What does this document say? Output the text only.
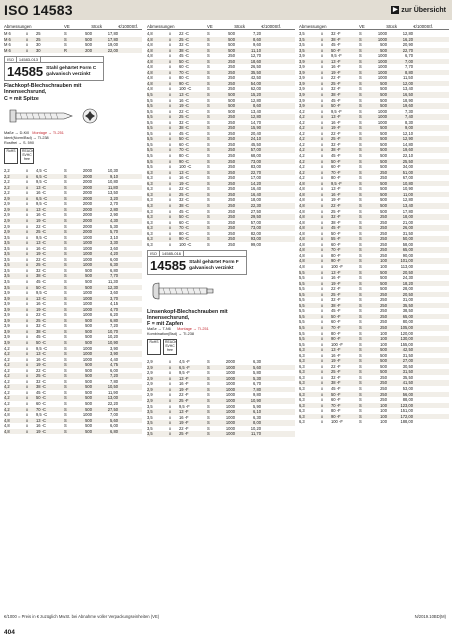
ISO 14583	▶ zur Übersicht
Abmessungen	VE	Stück	€/1000Stf.
M 6	x	25	S	500	17,80
M 6	x	25	S	500	17,80
M 6	x	30	S	500	19,00
M 6	x	30	R	200	22,00
ISO	14583-013
14585 Stahl gehärtet Form C
galvanisch verzinkt
Flachkopf-Blechschrauben mit
Innensechsrund,
C = mit Spitze
Maße → D-Ki0 Montage → TI-251
Ident(Norm/Bsd) → TI-238
Rostfrei → S. 590
RoHS	REACh SVHC free
2,2	x	4,5 -C	S	2000	10,30
2,2	x	6,5 -C	S	2000	9,10
2,2	x	9,5 -C	S	2000	10,80
2,2	x	13 -C	S	2000	11,80
2,2	x	16 -C	S	2000	13,50
2,9	x	6,5 -C	S	2000	3,20
2,9	x	9,5 -C	S	2000	2,70
2,9	x	13 -C	S	2000	2,80
2,9	x	16 -C	S	2000	2,90
2,9	x	19 -C	S	2000	4,30
2,9	x	22 -C	S	2000	5,30
2,9	x	25 -C	S	2000	5,70
3,5	x	9,5 -C	S	1000	3,10
3,5	x	13 -C	S	1000	3,30
3,5	x	16 -C	S	1000	3,60
3,5	x	19 -C	S	1000	4,20
3,5	x	22 -C	S	1000	6,00
3,5	x	25 -C	S	1000	6,30
3,5	x	32 -C	S	500	6,80
3,5	x	38 -C	S	500	7,70
3,5	x	45 -C	S	500	11,30
3,5	x	50 -C	S	500	12,30
3,9	x	9,5 -C	S	1000	3,60
3,9	x	13 -C	S	1000	3,70
3,9	x	16 -C	S	1000	4,15
3,9	x	19 -C	S	1000	4,70
3,9	x	22 -C	S	1000	6,20
3,9	x	25 -C	S	500	6,80
3,9	x	32 -C	S	500	7,20
3,9	x	38 -C	S	500	10,70
3,9	x	45 -C	S	500	10,20
3,9	x	50 -C	S	500	10,90
4,2	x	9,5 -C	S	1000	3,90
4,2	x	13 -C	S	1000	3,90
4,2	x	16 -C	S	1000	4,40
4,2	x	19 -C	S	500	4,75
4,2	x	22 -C	S	500	6,00
4,2	x	25 -C	S	500	7,20
4,2	x	32 -C	S	500	7,80
4,2	x	38 -C	S	500	10,50
4,2	x	45 -C	S	500	11,90
4,2	x	50 -C	S	500	13,00
4,2	x	60 -C	S	500	22,20
4,2	x	70 -C	S	500	27,50
4,8	x	9,5 -C	S	1000	7,00
4,8	x	13 -C	S	500	5,60
4,8	x	16 -C	S	500	6,00
4,8	x	19 -C	S	500	6,80
Abmessungen	VE	Stück	€/1000Stf.
4,8	x	22 -C	S	500	7,20
4,8	x	25 -C	S	500	8,60
4,8	x	32 -C	S	500	9,60
4,8	x	38 -C	S	500	11,10
4,8	x	45 -C	S	250	12,70
4,8	x	50 -C	S	250	18,60
4,8	x	60 -C	S	250	26,50
4,8	x	70 -C	S	250	35,50
4,8	x	80 -C	S	250	42,50
4,8	x	90 -C	S	250	54,00
4,8	x	100 -C	S	250	62,00
5,5	x	13 -C	S	500	15,20
5,5	x	16 -C	S	500	12,80
5,5	x	19 -C	S	500	8,60
5,5	x	22 -C	S	500	13,40
5,5	x	25 -C	S	250	12,80
5,5	x	32 -C	S	250	14,70
5,5	x	38 -C	S	250	15,90
5,5	x	45 -C	S	250	20,40
5,5	x	50 -C	S	250	24,10
5,5	x	60 -C	S	250	45,50
5,5	x	70 -C	S	250	57,00
5,5	x	80 -C	S	250	68,00
5,5	x	90 -C	S	250	73,00
5,5	x	100 -C	S	250	83,00
6,3	x	13 -C	S	250	22,70
6,3	x	16 -C	S	250	17,00
6,3	x	19 -C	S	250	14,20
6,3	x	22 -C	S	250	16,40
6,3	x	25 -C	S	250	16,40
6,3	x	32 -C	S	250	18,00
6,3	x	38 -C	S	250	22,30
6,3	x	45 -C	S	250	27,50
6,3	x	50 -C	S	250	29,50
6,3	x	60 -C	S	250	57,00
6,3	x	70 -C	S	250	73,00
6,3	x	80 -C	S	250	82,00
6,3	x	90 -C	S	250	93,00
6,3	x	100 -C	S	250	99,00
ISO	14585-016
14585 Stahl gehärtet Form F
galvanisch verzinkt
Linsenkopf-Blechschrauben mit
Innensechsrund,
F = mit Zapfen
Maße → T-N6 Montage → TI-251
Kombination(Bsd) → TI-238
RoHS	REACh SVHC free
2,9	x	4,5 -F	S	2000	6,30
2,9	x	6,5 -F	S	1000	5,60
2,9	x	9,5 -F	S	1000	5,80
2,9	x	13 -F	S	1000	5,30
2,9	x	16 -F	S	1000	6,70
2,9	x	19 -F	S	1000	7,80
2,9	x	22 -F	S	1000	9,80
2,9	x	25 -F	S	1000	10,90
3,5	x	9,5 -F	S	1000	5,90
3,5	x	13 -F	S	1000	6,10
3,5	x	16 -F	S	1000	6,30
3,5	x	19 -F	S	1000	8,00
3,5	x	22 -F	S	1000	10,20
3,5	x	25 -F	S	1000	11,70
Abmessungen	VE	Stück	€/1000Stf.
3,5	x	32 -F	S	1000	12,80
3,5	x	38 -F	S	1000	16,20
3,5	x	45 -F	S	500	20,90
3,5	x	50 -F	S	500	22,70
3,9	x	9,5 -F	S	1000	6,70
3,9	x	13 -F	S	1000	7,00
3,9	x	16 -F	S	1000	7,70
3,9	x	19 -F	S	1000	8,80
3,9	x	22 -F	S	1000	11,50
3,9	x	25 -F	S	500	12,00
3,9	x	32 -F	S	500	13,40
3,9	x	38 -F	S	500	16,50
3,9	x	45 -F	S	500	18,90
3,9	x	50 -F	S	500	19,60
4,2	x	9,5 -F	S	1000	7,30
4,2	x	13 -F	S	1000	7,40
4,2	x	16 -F	S	1000	8,30
4,2	x	19 -F	S	500	9,00
4,2	x	22 -F	S	500	12,10
4,2	x	25 -F	S	500	12,90
4,2	x	32 -F	S	500	14,80
4,2	x	38 -F	S	500	19,60
4,2	x	45 -F	S	500	22,10
4,2	x	50 -F	S	500	25,50
4,2	x	60 -F	S	500	34,00
4,2	x	70 -F	S	250	51,00
4,2	x	80 -F	S	250	67,00
4,8	x	9,5 -F	S	500	10,80
4,8	x	13 -F	S	500	10,90
4,8	x	16 -F	S	500	11,00
4,8	x	19 -F	S	500	12,80
4,8	x	22 -F	S	500	13,40
4,8	x	25 -F	S	500	17,80
4,8	x	32 -F	S	250	18,00
4,8	x	38 -F	S	250	21,00
4,8	x	45 -F	S	250	26,00
4,8	x	50 -F	S	250	31,50
4,8	x	55 -F	S	250	50,00
4,8	x	60 -F	S	250	58,00
4,8	x	70 -F	S	250	65,00
4,8	x	80 -F	S	250	90,00
4,8	x	90 -F	S	100	101,00
4,8	x	100 -F	S	100	113,00
5,5	x	13 -F	S	500	20,50
5,5	x	16 -F	S	500	24,30
5,5	x	19 -F	S	500	18,20
5,5	x	22 -F	S	500	28,00
5,5	x	25 -F	S	250	20,50
5,5	x	32 -F	S	250	31,00
5,5	x	38 -F	S	250	35,50
5,5	x	45 -F	S	250	38,50
5,5	x	50 -F	S	250	65,00
5,5	x	60 -F	S	250	80,00
5,5	x	70 -F	S	250	105,00
5,5	x	80 -F	S	100	120,00
5,5	x	90 -F	S	100	130,00
5,5	x	100 -F	S	100	155,00
6,3	x	13 -F	S	500	42,50
6,3	x	16 -F	S	500	31,50
6,3	x	19 -F	S	500	27,00
6,3	x	22 -F	S	500	30,50
6,3	x	25 -F	S	500	31,50
6,3	x	32 -F	S	250	35,50
6,3	x	38 -F	S	250	41,50
6,3	x	45 -F	S	250	53,00
6,3	x	50 -F	S	250	56,00
6,3	x	60 -F	S	250	88,00
6,3	x	70 -F	S	100	123,00
6,3	x	80 -F	S	100	151,00
6,3	x	90 -F	S	100	172,00
6,3	x	100 -F	S	100	188,00
€/1000 = Preis in € zuzüglich MwSt. bei Abnahme voller Verpackungseinheiten (VE)	N/2019.10BD(M)
404
